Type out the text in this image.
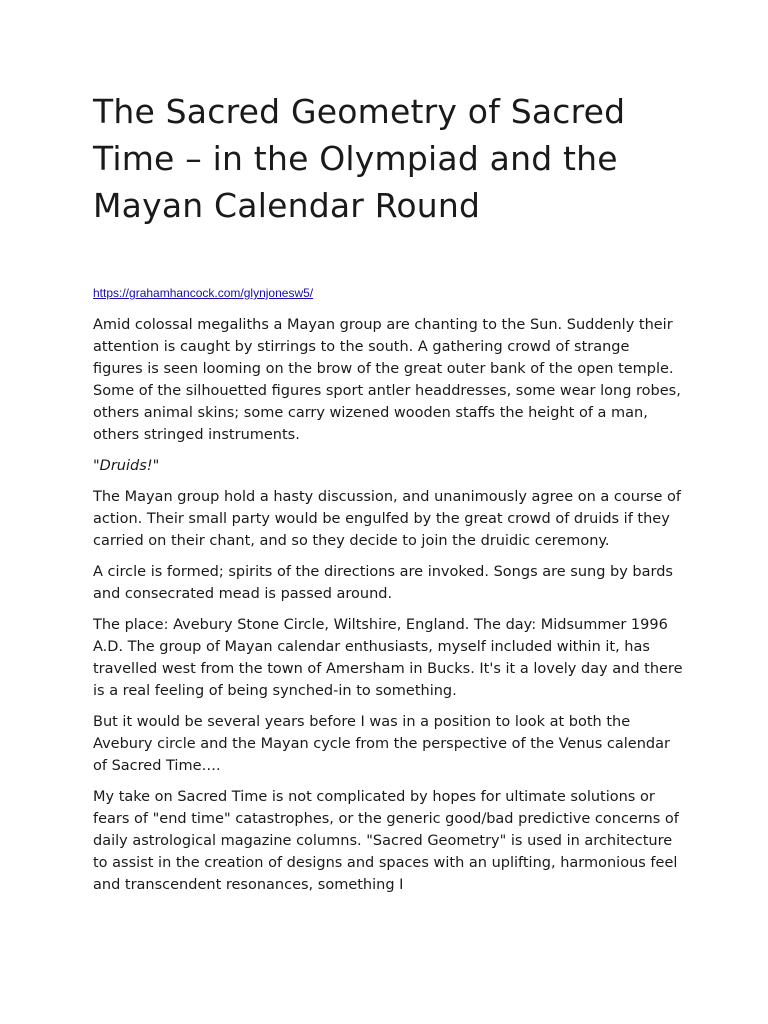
The Sacred Geometry of Sacred Time – in the Olympiad and the Mayan Calendar Round
https://grahamhancock.com/glynjonesw5/

Amid colossal megaliths a Mayan group are chanting to the Sun. Suddenly their attention is caught by stirrings to the south. A gathering crowd of strange figures is seen looming on the brow of the great outer bank of the open temple. Some of the silhouetted figures sport antler headdresses, some wear long robes, others animal skins; some carry wizened wooden staffs the height of a man, others stringed instruments.

"Druids!"

The Mayan group hold a hasty discussion, and unanimously agree on a course of action. Their small party would be engulfed by the great crowd of druids if they carried on their chant, and so they decide to join the druidic ceremony.

A circle is formed; spirits of the directions are invoked. Songs are sung by bards and consecrated mead is passed around.

The place: Avebury Stone Circle, Wiltshire, England. The day: Midsummer 1996 A.D. The group of Mayan calendar enthusiasts, myself included within it, has travelled west from the town of Amersham in Bucks. It's it a lovely day and there is a real feeling of being synched-in to something.

But it would be several years before I was in a position to look at both the Avebury circle and the Mayan cycle from the perspective of the Venus calendar of Sacred Time….

My take on Sacred Time is not complicated by hopes for ultimate solutions or fears of "end time" catastrophes, or the generic good/bad predictive concerns of daily astrological magazine columns. "Sacred Geometry" is used in architecture to assist in the creation of designs and spaces with an uplifting, harmonious feel and transcendent resonances, something I
